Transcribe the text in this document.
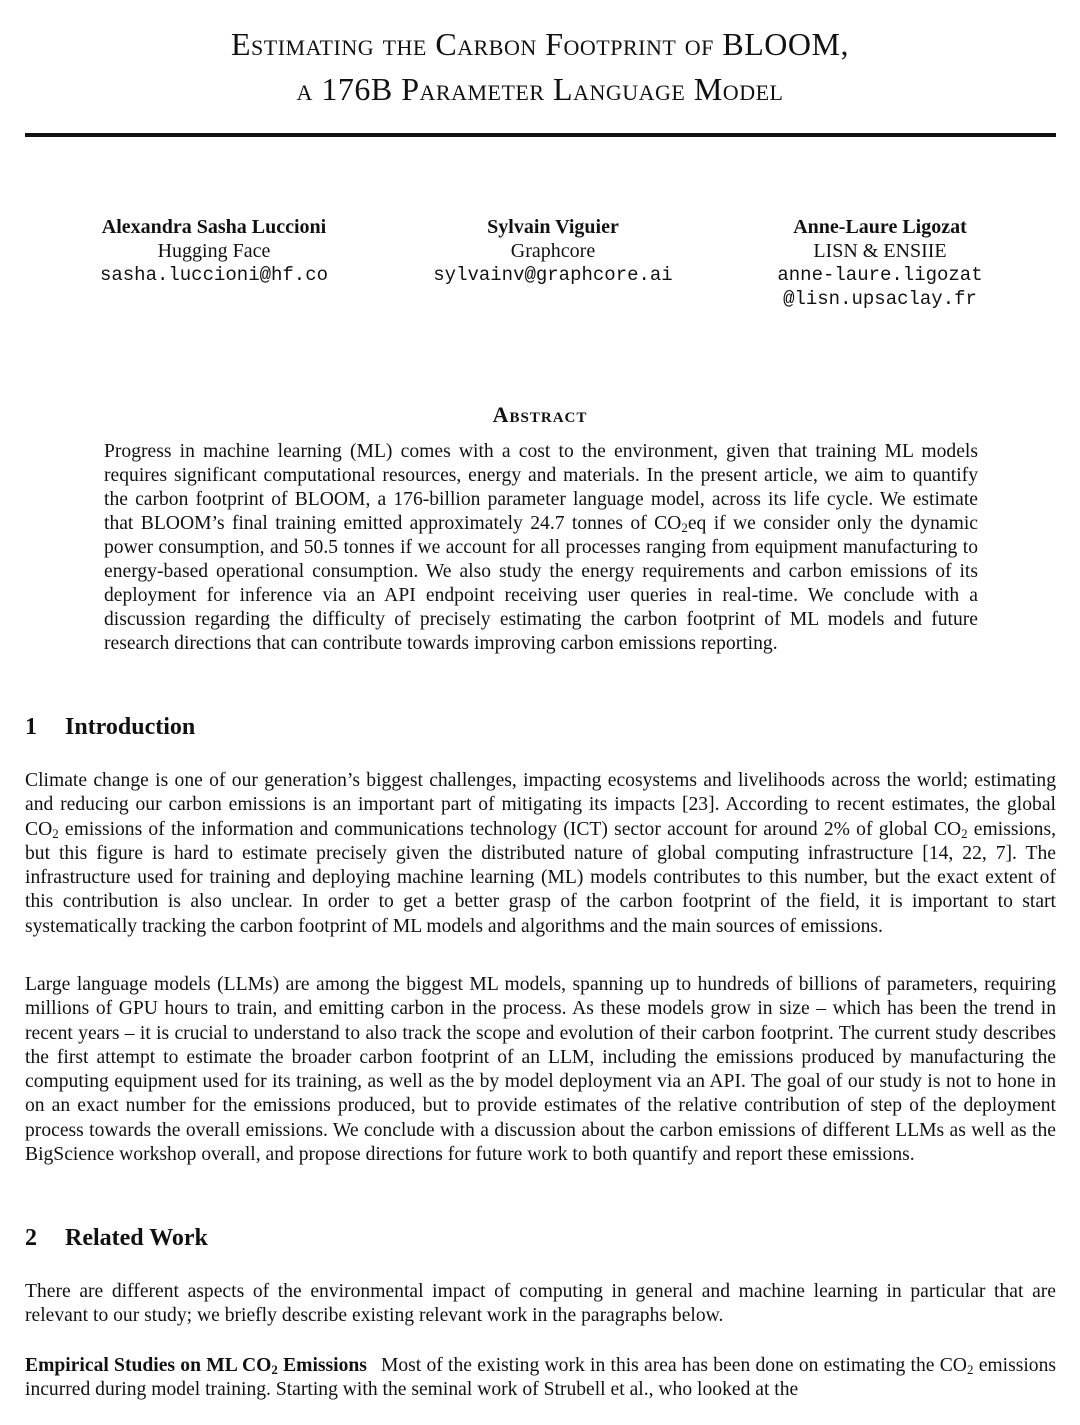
Estimating the Carbon Footprint of BLOOM,
a 176B Parameter Language Model
Alexandra Sasha Luccioni
Hugging Face
sasha.luccioni@hf.co
Sylvain Viguier
Graphcore
sylvainv@graphcore.ai
Anne-Laure Ligozat
LISN & ENSIIE
anne-laure.ligozat
@lisn.upsaclay.fr
Abstract
Progress in machine learning (ML) comes with a cost to the environment, given that training ML models requires significant computational resources, energy and materials. In the present article, we aim to quantify the carbon footprint of BLOOM, a 176-billion parameter language model, across its life cycle. We estimate that BLOOM’s final training emitted approximately 24.7 tonnes of $CO_2eq$ if we consider only the dynamic power consumption, and 50.5 tonnes if we account for all processes ranging from equipment manufacturing to energy-based operational consumption. We also study the energy requirements and carbon emissions of its deployment for inference via an API endpoint receiving user queries in real-time. We conclude with a discussion regarding the difficulty of precisely estimating the carbon footprint of ML models and future research directions that can contribute towards improving carbon emissions reporting.
1 Introduction

Climate change is one of our generation’s biggest challenges, impacting ecosystems and livelihoods across the world; estimating and reducing our carbon emissions is an important part of mitigating its impacts [23]. According to recent estimates, the global $CO_2$ emissions of the information and communications technology (ICT) sector account for around 2% of global $CO_2$ emissions, but this figure is hard to estimate precisely given the distributed nature of global computing infrastructure [14, 22, 7]. The infrastructure used for training and deploying machine learning (ML) models contributes to this number, but the exact extent of this contribution is also unclear. In order to get a better grasp of the carbon footprint of the field, it is important to start systematically tracking the carbon footprint of ML models and algorithms and the main sources of emissions.

Large language models (LLMs) are among the biggest ML models, spanning up to hundreds of billions of parameters, requiring millions of GPU hours to train, and emitting carbon in the process. As these models grow in size – which has been the trend in recent years – it is crucial to understand to also track the scope and evolution of their carbon footprint. The current study describes the first attempt to estimate the broader carbon footprint of an LLM, including the emissions produced by manufacturing the computing equipment used for its training, as well as the by model deployment via an API. The goal of our study is not to hone in on an exact number for the emissions produced, but to provide estimates of the relative contribution of step of the deployment process towards the overall emissions. We conclude with a discussion about the carbon emissions of different LLMs as well as the BigScience workshop overall, and propose directions for future work to both quantify and report these emissions.

2 Related Work

There are different aspects of the environmental impact of computing in general and machine learning in particular that are relevant to our study; we briefly describe existing relevant work in the paragraphs below.

Empirical Studies on ML $CO_2$ Emissions Most of the existing work in this area has been done on estimating the $CO_2$ emissions incurred during model training. Starting with the seminal work of Strubell et al., who looked at the
